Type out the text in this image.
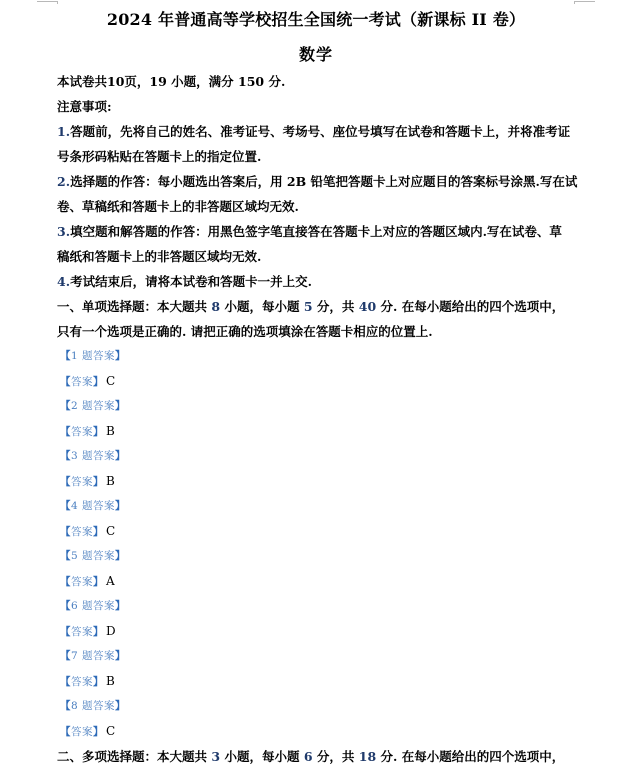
2024 年普通高等学校招生全国统一考试（新课标 II 卷）
数学
本试卷共10页，19 小题，满分 150 分.
注意事项:
1.答题前，先将自己的姓名、准考证号、考场号、座位号填写在试卷和答题卡上，并将准考证
号条形码粘贴在答题卡上的指定位置.
2.选择题的作答：每小题选出答案后，用 2B 铅笔把答题卡上对应题目的答案标号涂黑.写在试
卷、草稿纸和答题卡上的非答题区域均无效.
3.填空题和解答题的作答：用黑色签字笔直接答在答题卡上对应的答题区域内.写在试卷、草
稿纸和答题卡上的非答题区域均无效.
4.考试结束后，请将本试卷和答题卡一并上交.
一、单项选择题：本大题共 8 小题，每小题 5 分，共 40 分. 在每小题给出的四个选项中，
只有一个选项是正确的. 请把正确的选项填涂在答题卡相应的位置上.
【1 题答案】
【答案】 C
【2 题答案】
【答案】 B
【3 题答案】
【答案】 B
【4 题答案】
【答案】 C
【5 题答案】
【答案】 A
【6 题答案】
【答案】 D
【7 题答案】
【答案】 B
【8 题答案】
【答案】 C
二、多项选择题：本大题共 3 小题，每小题 6 分，共 18 分. 在每小题给出的四个选项中，
